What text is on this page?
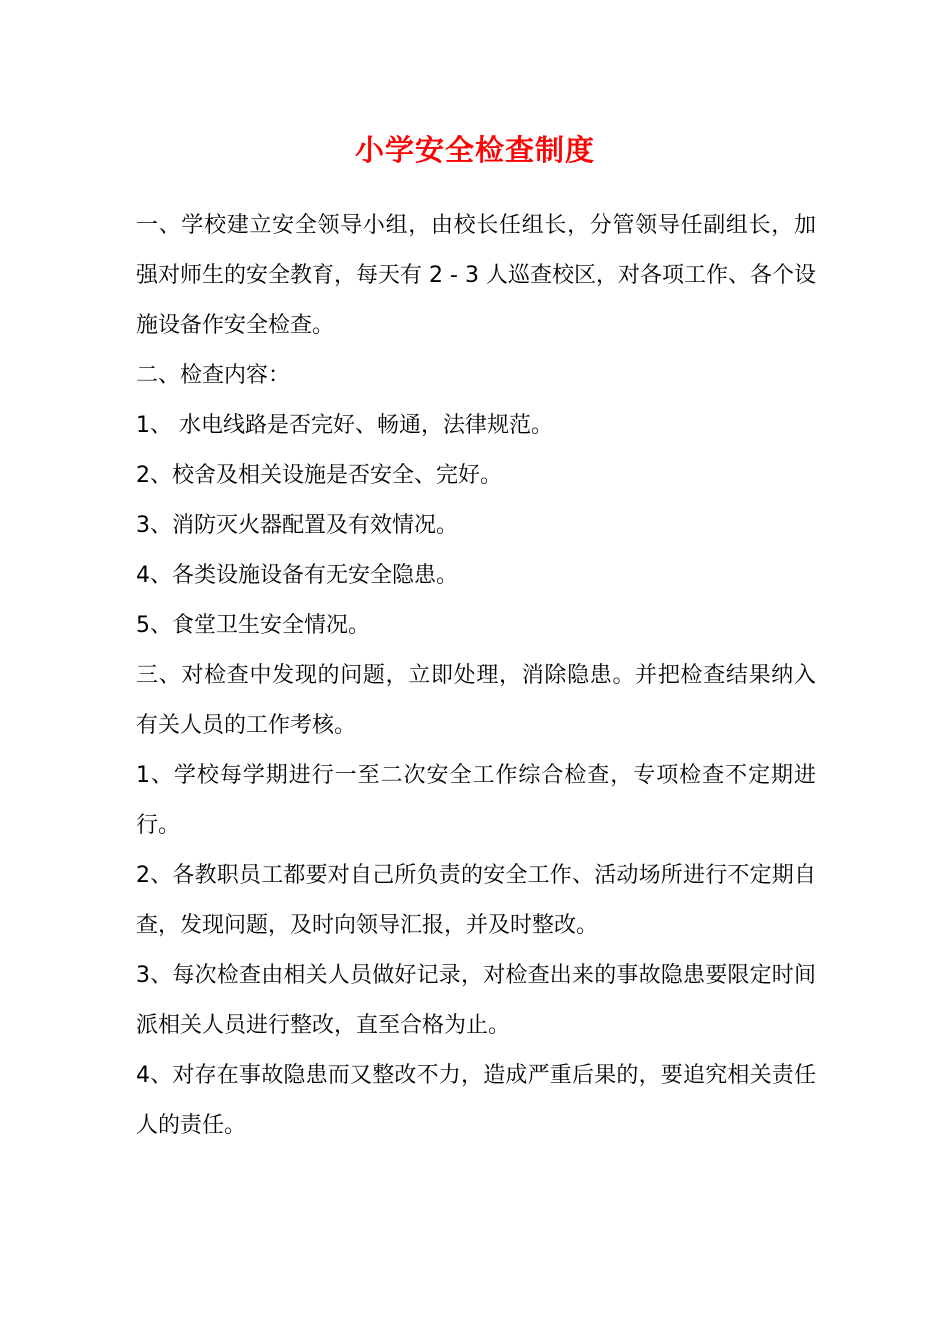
小学安全检查制度

一、学校建立安全领导小组，由校长任组长，分管领导任副组长，加强对师生的安全教育，每天有 2 - 3 人巡查校区，对各项工作、各个设施设备作安全检查。

二、检查内容：

1、 水电线路是否完好、畅通，法律规范。

2、校舍及相关设施是否安全、完好。

3、消防灭火器配置及有效情况。

4、各类设施设备有无安全隐患。

5、食堂卫生安全情况。

三、对检查中发现的问题，立即处理，消除隐患。并把检查结果纳入有关人员的工作考核。

1、学校每学期进行一至二次安全工作综合检查，专项检查不定期进行。

2、各教职员工都要对自己所负责的安全工作、活动场所进行不定期自查，发现问题，及时向领导汇报，并及时整改。

3、每次检查由相关人员做好记录，对检查出来的事故隐患要限定时间派相关人员进行整改，直至合格为止。

4、对存在事故隐患而又整改不力，造成严重后果的，要追究相关责任人的责任。
